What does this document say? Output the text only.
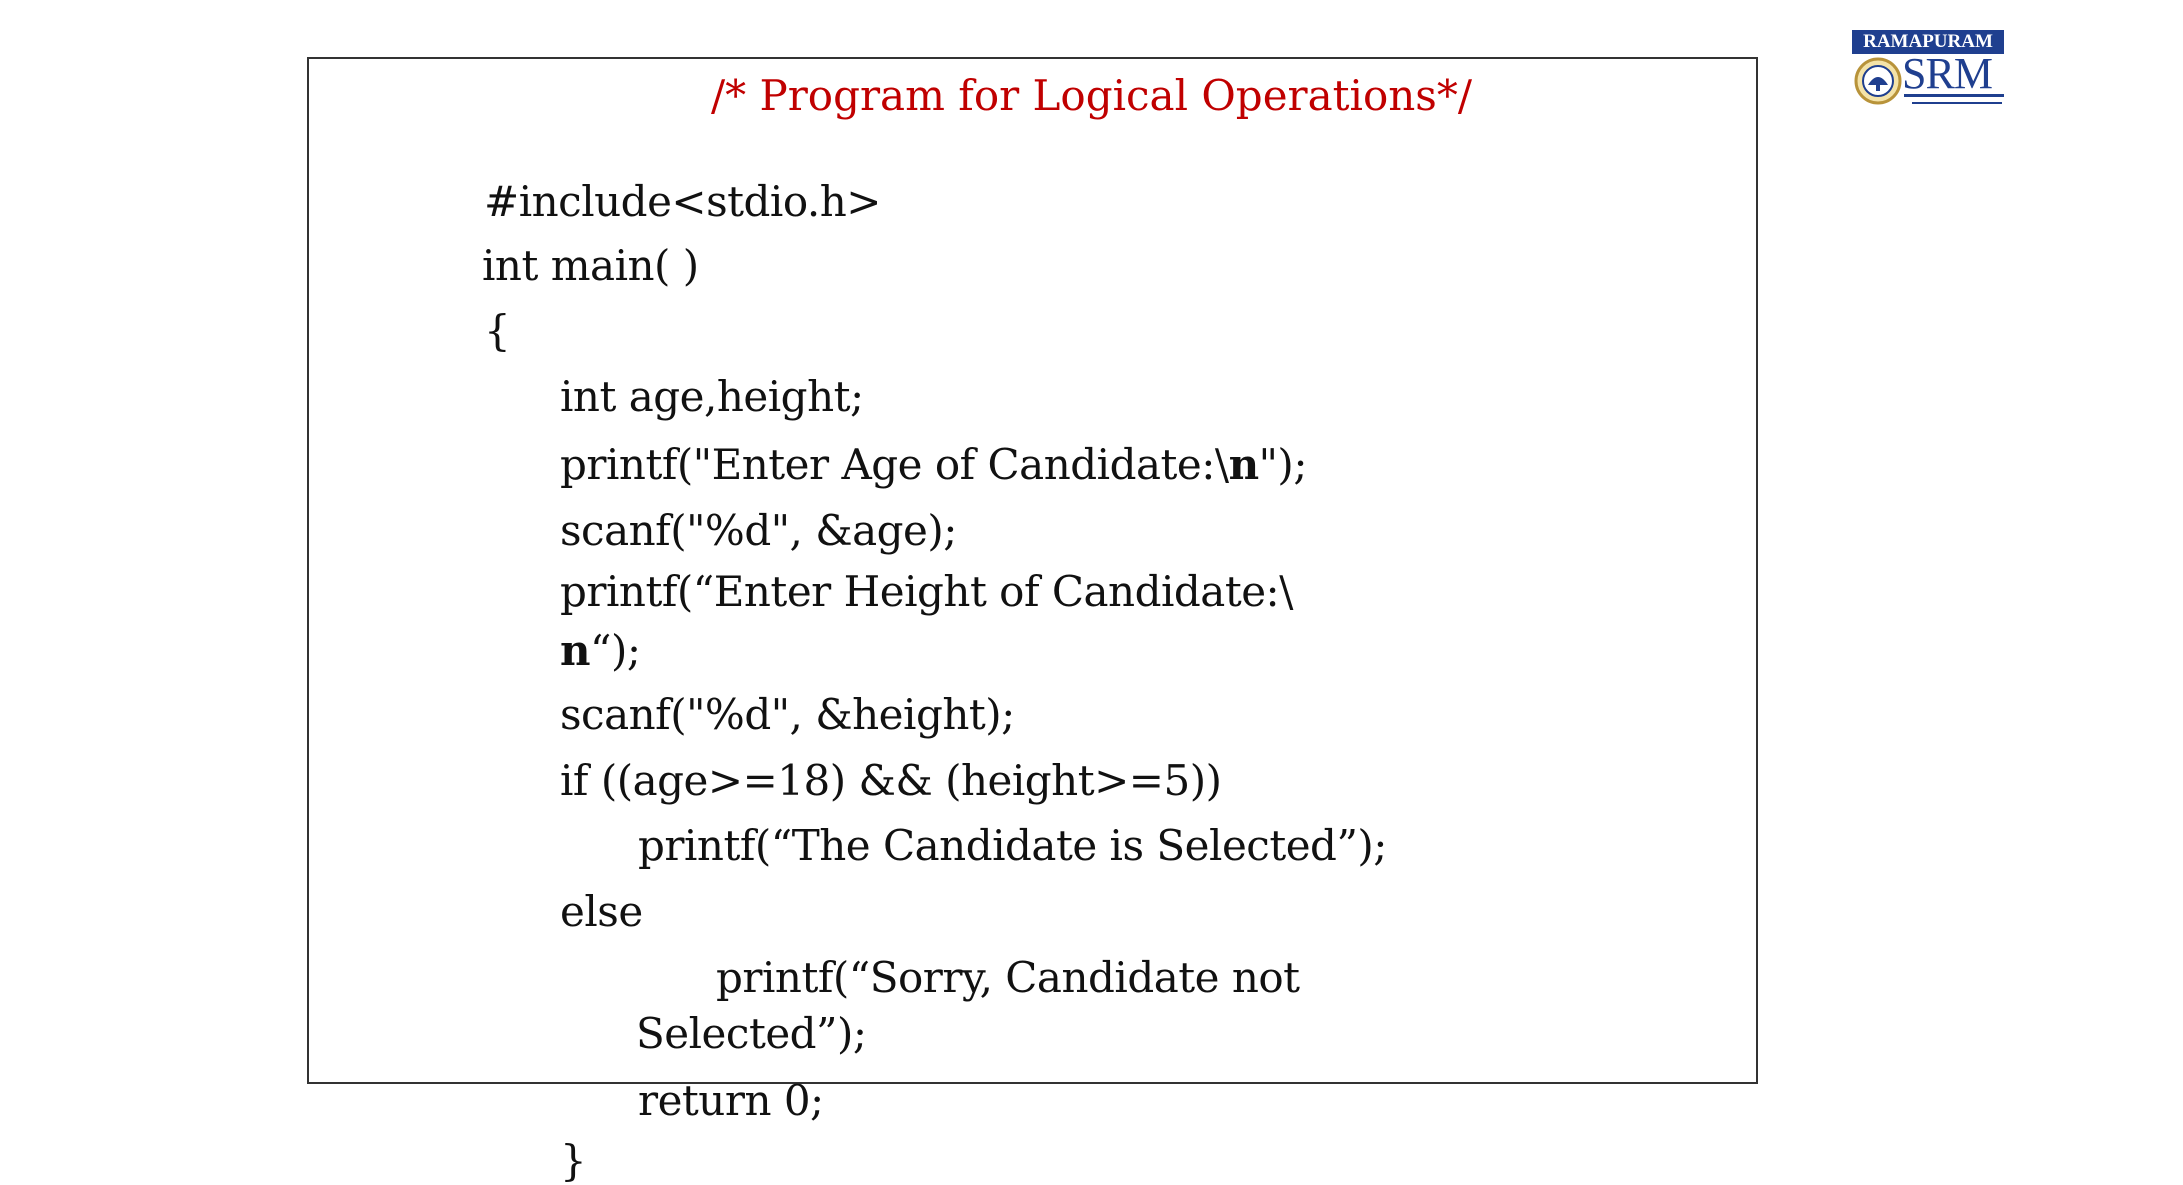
/* Program for Logical Operations*/
#include<stdio.h>
int main( )
{
int age,height;
printf("Enter Age of Candidate:\n");
scanf("%d", &age);
printf(“Enter Height of Candidate:\
n“);
scanf("%d", &height);
if ((age>=18) && (height>=5))
printf(“The Candidate is Selected”);
else
printf(“Sorry, Candidate not
Selected”);
return 0;
}
RAMAPURAM
SRM
